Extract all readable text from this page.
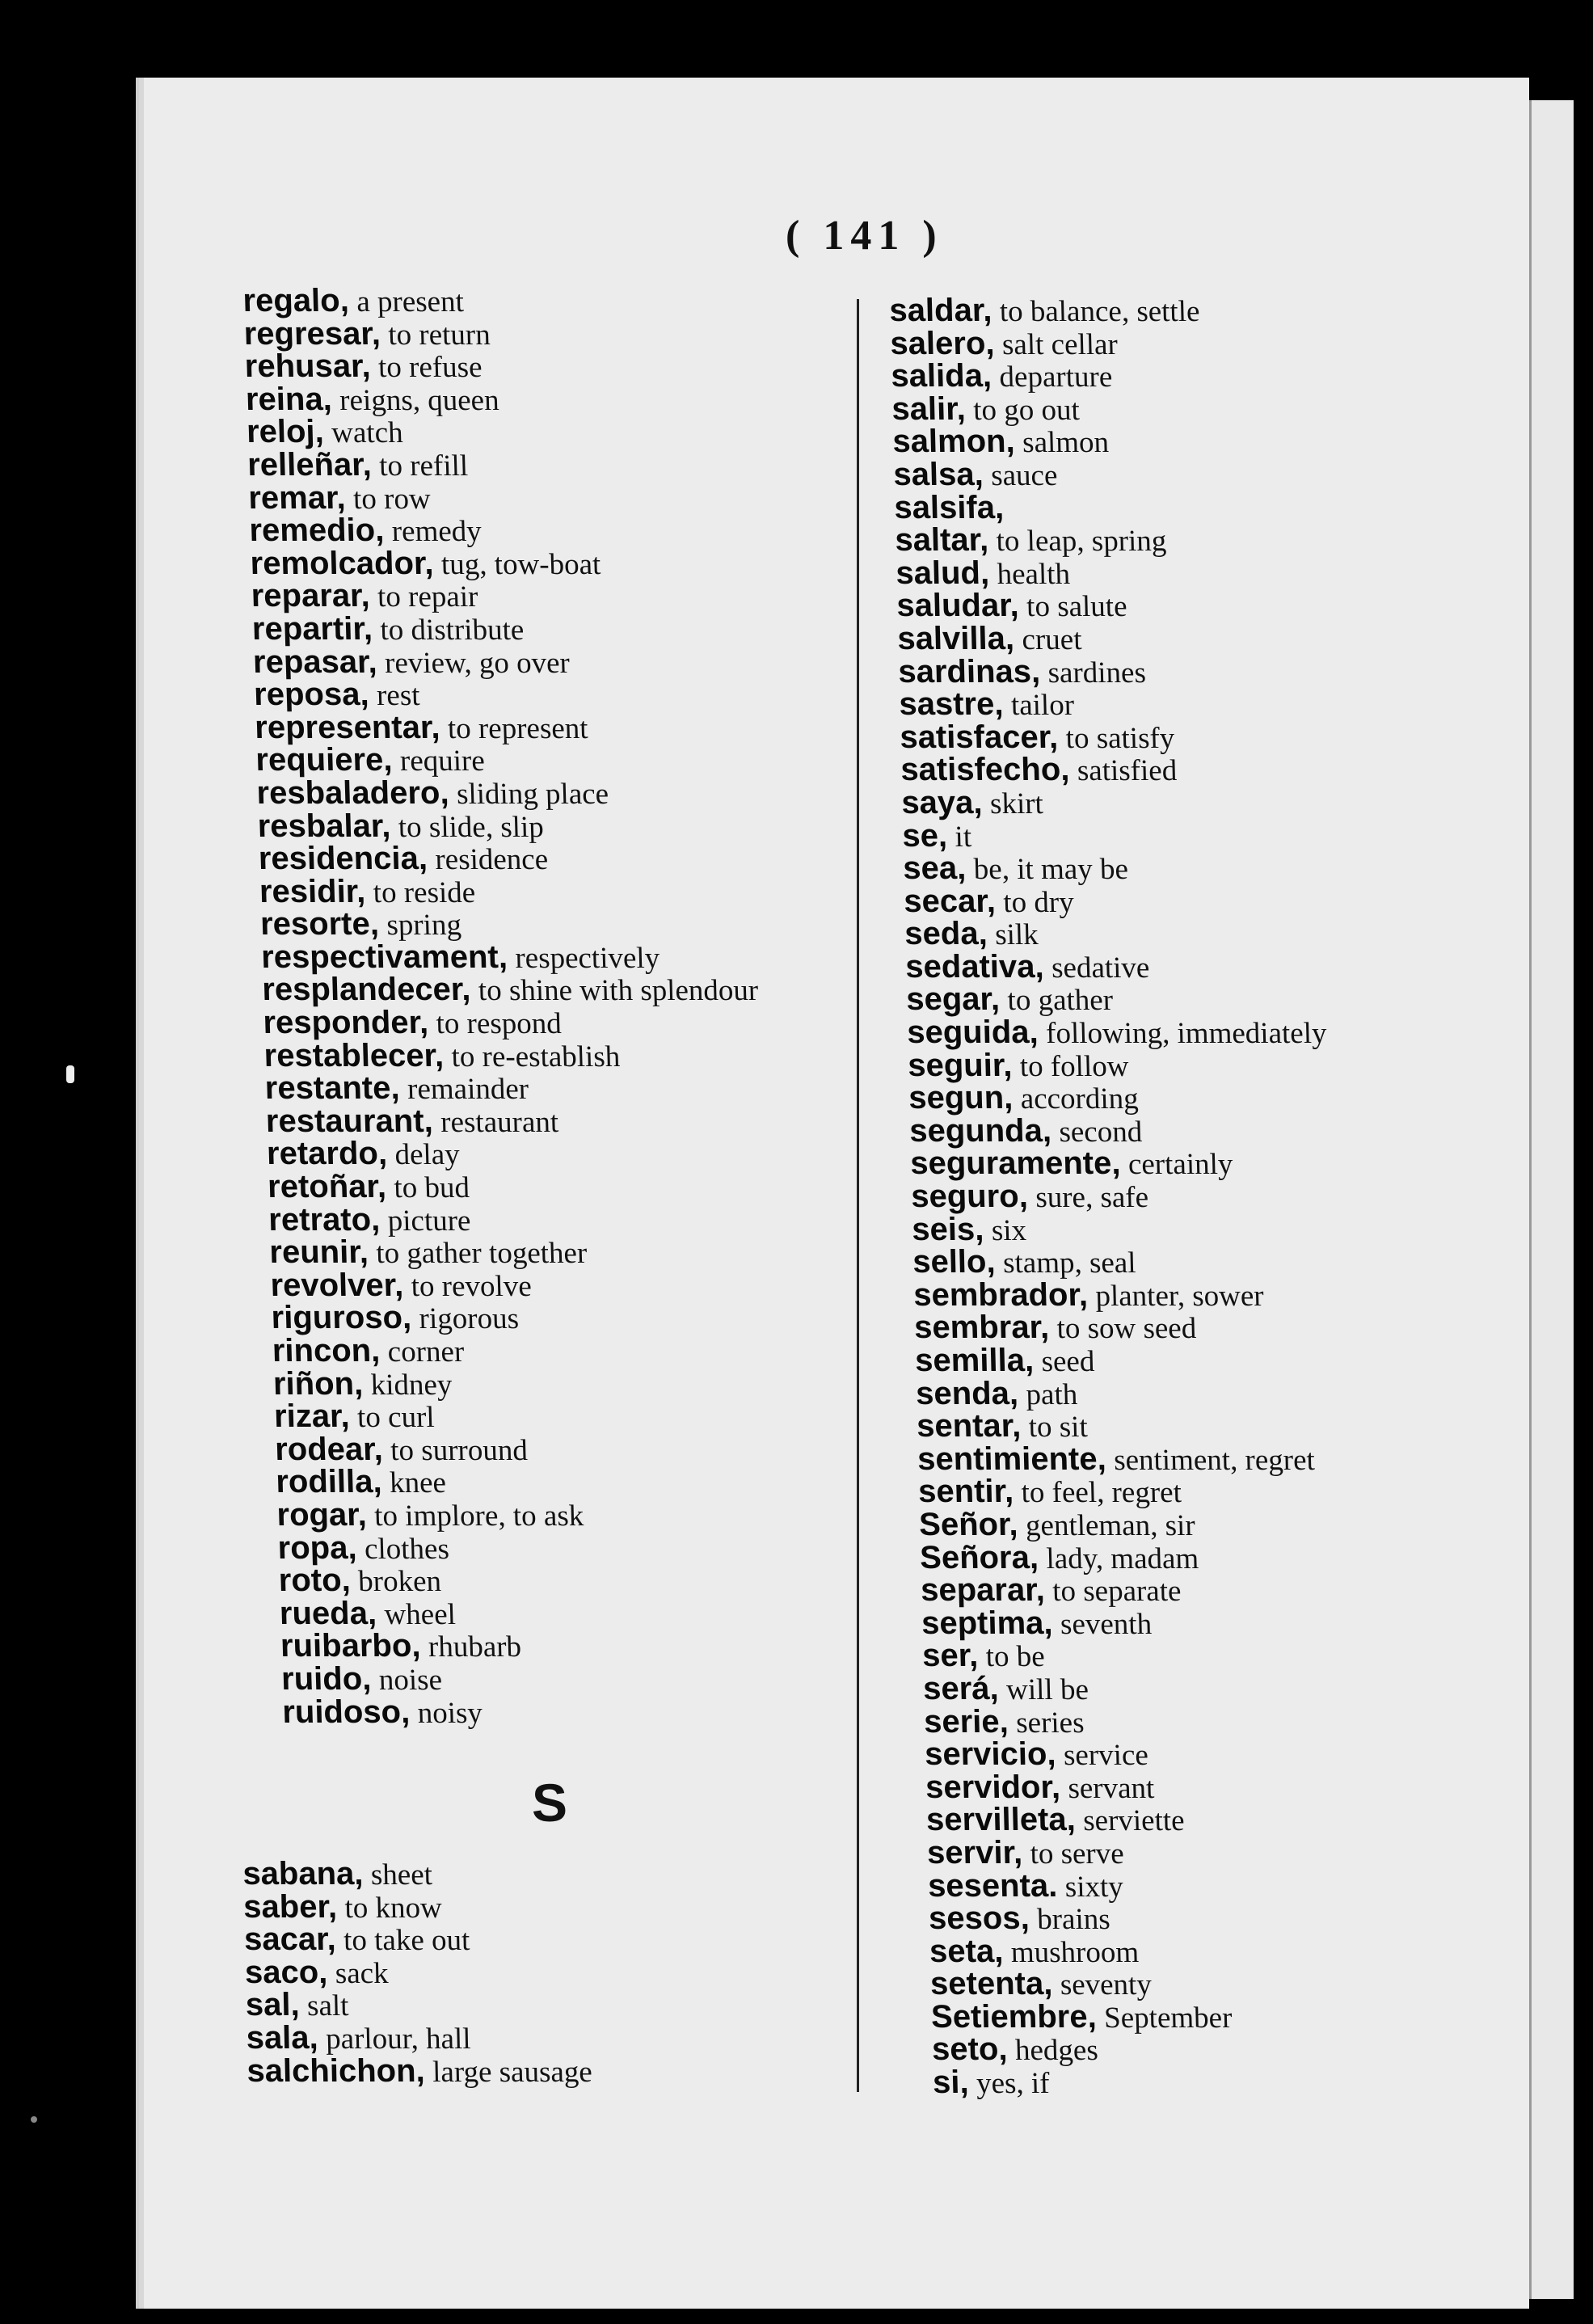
( 141 )
regalo, a present
regresar, to return
rehusar, to refuse
reina, reigns, queen
reloj, watch
relleñar, to refill
remar, to row
remedio, remedy
remolcador, tug, tow-boat
reparar, to repair
repartir, to distribute
repasar, review, go over
reposa, rest
representar, to represent
requiere, require
resbaladero, sliding place
resbalar, to slide, slip
residencia, residence
residir, to reside
resorte, spring
respectivament, respectively
resplandecer, to shine with splendour
responder, to respond
restablecer, to re-establish
restante, remainder
restaurant, restaurant
retardo, delay
retoñar, to bud
retrato, picture
reunir, to gather together
revolver, to revolve
riguroso, rigorous
rincon, corner
riñon, kidney
rizar, to curl
rodear, to surround
rodilla, knee
rogar, to implore, to ask
ropa, clothes
roto, broken
rueda, wheel
ruibarbo, rhubarb
ruido, noise
ruidoso, noisy
S
sabana, sheet
saber, to know
sacar, to take out
saco, sack
sal, salt
sala, parlour, hall
salchichon, large sausage
saldar, to balance, settle
salero, salt cellar
salida, departure
salir, to go out
salmon, salmon
salsa, sauce
salsifa,
saltar, to leap, spring
salud, health
saludar, to salute
salvilla, cruet
sardinas, sardines
sastre, tailor
satisfacer, to satisfy
satisfecho, satisfied
saya, skirt
se, it
sea, be, it may be
secar, to dry
seda, silk
sedativa, sedative
segar, to gather
seguida, following, immediately
seguir, to follow
segun, according
segunda, second
seguramente, certainly
seguro, sure, safe
seis, six
sello, stamp, seal
sembrador, planter, sower
sembrar, to sow seed
semilla, seed
senda, path
sentar, to sit
sentimiente, sentiment, regret
sentir, to feel, regret
Señor, gentleman, sir
Señora, lady, madam
separar, to separate
septima, seventh
ser, to be
será, will be
serie, series
servicio, service
servidor, servant
servilleta, serviette
servir, to serve
sesenta. sixty
sesos, brains
seta, mushroom
setenta, seventy
Setiembre, September
seto, hedges
si, yes, if
